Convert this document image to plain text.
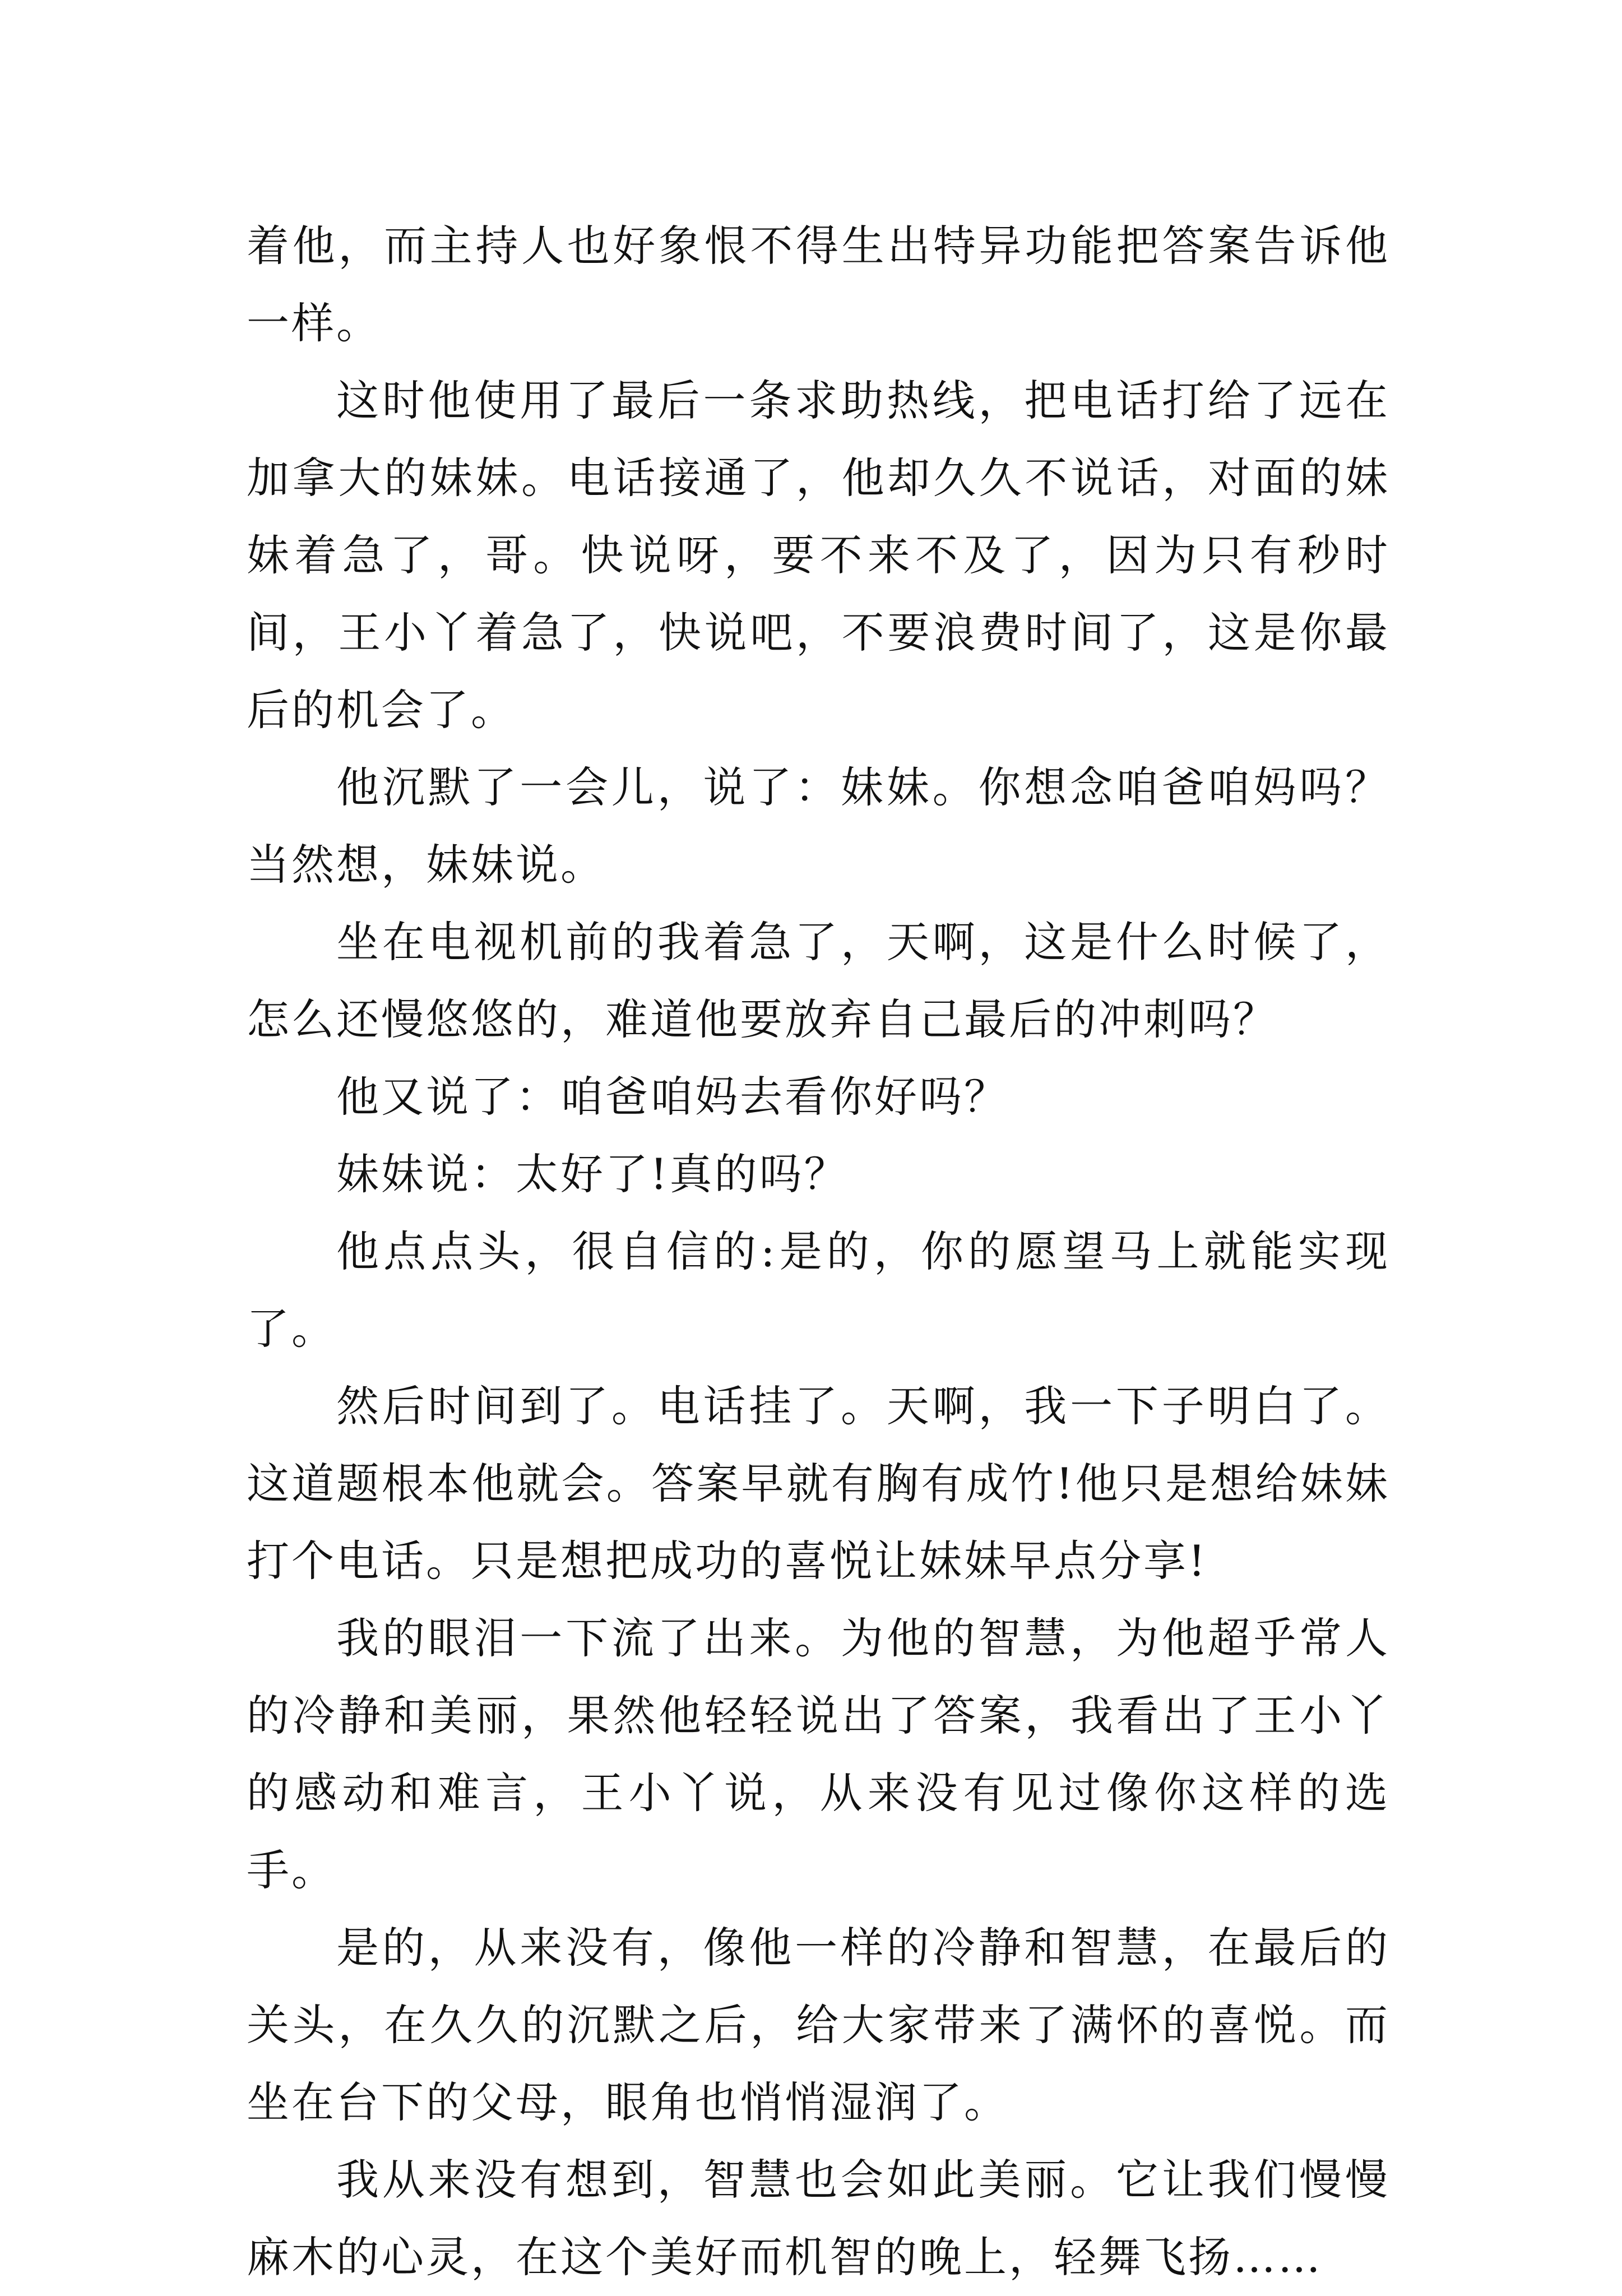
着他，而主持人也好象恨不得生出特异功能把答案告诉他一样。

这时他使用了最后一条求助热线，把电话打给了远在加拿大的妹妹。电话接通了，他却久久不说话，对面的妹妹着急了，哥。快说呀，要不来不及了，因为只有秒时间，王小丫着急了，快说吧，不要浪费时间了，这是你最后的机会了。

他沉默了一会儿，说了：妹妹。你想念咱爸咱妈吗？当然想，妹妹说。

坐在电视机前的我着急了，天啊，这是什么时候了，怎么还慢悠悠的，难道他要放弃自己最后的冲刺吗？

他又说了：咱爸咱妈去看你好吗？

妹妹说：太好了!真的吗？

他点点头，很自信的:是的，你的愿望马上就能实现了。

然后时间到了。电话挂了。天啊，我一下子明白了。这道题根本他就会。答案早就有胸有成竹!他只是想给妹妹打个电话。只是想把成功的喜悦让妹妹早点分享!

我的眼泪一下流了出来。为他的智慧，为他超乎常人的冷静和美丽，果然他轻轻说出了答案，我看出了王小丫的感动和难言，王小丫说，从来没有见过像你这样的选手。

是的，从来没有，像他一样的冷静和智慧，在最后的关头，在久久的沉默之后，给大家带来了满怀的喜悦。而坐在台下的父母，眼角也悄悄湿润了。

我从来没有想到，智慧也会如此美丽。它让我们慢慢麻木的心灵，在这个美好而机智的晚上，轻舞飞扬……
